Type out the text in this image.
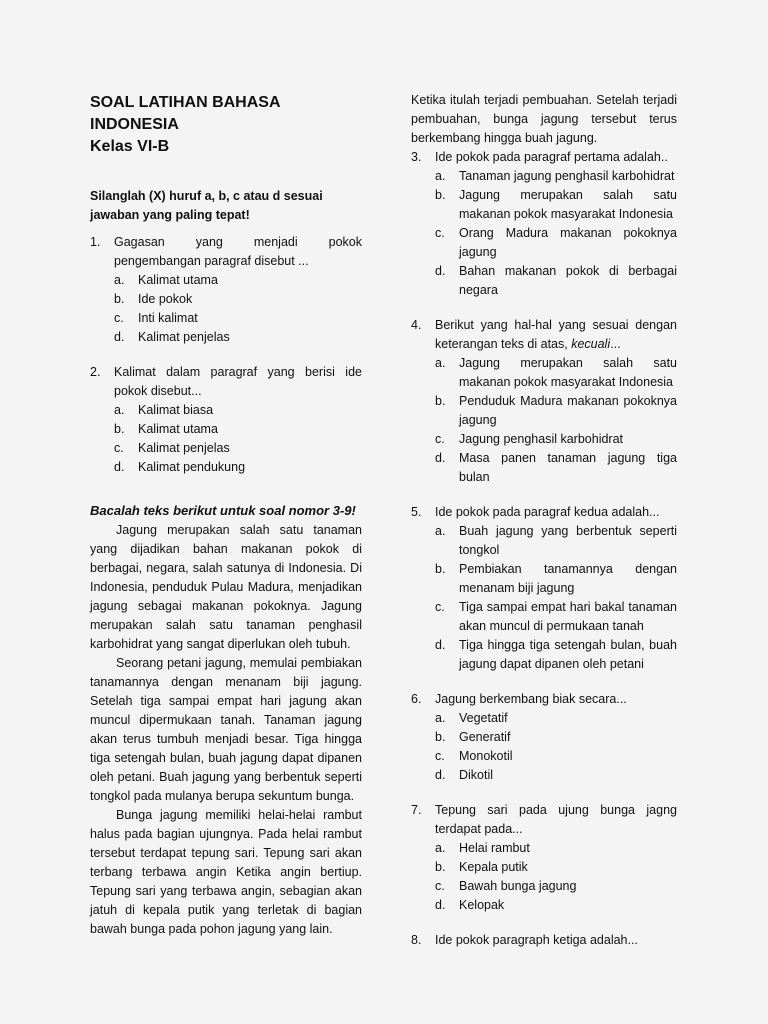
SOAL LATIHAN BAHASA INDONESIA
Kelas VI-B
Silanglah (X) huruf a, b, c atau d sesuai jawaban yang paling tepat!
1.	Gagasan yang menjadi pokok pengembangan paragraf disebut ...
a.	Kalimat utama
b.	Ide pokok
c.	Inti kalimat
d.	Kalimat penjelas
2.	Kalimat dalam paragraf yang berisi ide pokok disebut...
a.	Kalimat biasa
b.	Kalimat utama
c.	Kalimat penjelas
d.	Kalimat pendukung
Bacalah teks berikut untuk soal nomor 3-9!

Jagung merupakan salah satu tanaman yang dijadikan bahan makanan pokok di berbagai, negara, salah satunya di Indonesia. Di Indonesia, penduduk Pulau Madura, menjadikan jagung sebagai makanan pokoknya. Jagung merupakan salah satu tanaman penghasil karbohidrat yang sangat diperlukan oleh tubuh.

Seorang petani jagung, memulai pembiakan tanamannya dengan menanam biji jagung. Setelah tiga sampai empat hari jagung akan muncul dipermukaan tanah. Tanaman jagung akan terus tumbuh menjadi besar. Tiga hingga tiga setengah bulan, buah jagung dapat dipanen oleh petani. Buah jagung yang berbentuk seperti tongkol pada mulanya berupa sekuntum bunga.

Bunga jagung memiliki helai-helai rambut halus pada bagian ujungnya. Pada helai rambut tersebut terdapat tepung sari. Tepung sari akan terbang terbawa angin Ketika angin bertiup. Tepung sari yang terbawa angin, sebagian akan jatuh di kepala putik yang terletak di bagian bawah bunga pada pohon jagung yang lain.

Ketika itulah terjadi pembuahan. Setelah terjadi pembuahan, bunga jagung tersebut terus berkembang hingga buah jagung.

3.	Ide pokok pada paragraf pertama adalah..
a.	Tanaman jagung penghasil karbohidrat
b.	Jagung merupakan salah satu makanan pokok masyarakat Indonesia
c.	Orang Madura makanan pokoknya jagung
d.	Bahan makanan pokok di berbagai negara
4.	Berikut yang hal-hal yang sesuai dengan keterangan teks di atas, kecuali...
a.	Jagung merupakan salah satu makanan pokok masyarakat Indonesia
b.	Penduduk Madura makanan pokoknya jagung
c.	Jagung penghasil karbohidrat
d.	Masa panen tanaman jagung tiga bulan
5.	Ide pokok pada paragraf kedua adalah...
a.	Buah jagung yang berbentuk seperti tongkol
b.	Pembiakan tanamannya dengan menanam biji jagung
c.	Tiga sampai empat hari bakal tanaman akan muncul di permukaan tanah
d.	Tiga hingga tiga setengah bulan, buah jagung dapat dipanen oleh petani
6.	Jagung berkembang biak secara...
a.	Vegetatif
b.	Generatif
c.	Monokotil
d.	Dikotil
7.	Tepung sari pada ujung bunga jagng terdapat pada...
a.	Helai rambut
b.	Kepala putik
c.	Bawah bunga jagung
d.	Kelopak
8.	Ide pokok paragraph ketiga adalah...
